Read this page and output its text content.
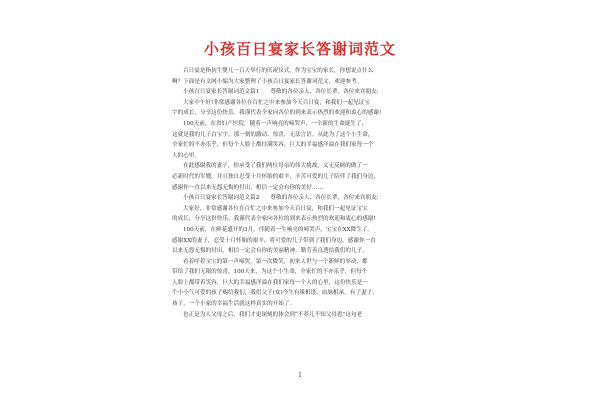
小孩百日宴家长答谢词范文

百日宴是指初生婴儿一百天举行的庆祝仪式，作为宝宝的家长，你想说点什么

啊？下面是有文网小编为大家整理了小孩百日宴家长答谢词范文，欢迎参考。

小孩百日宴家长答谢词范文篇1　　尊敬的各位亲人、各位长辈、各位来宾朋友:

大家中午好!非常感谢各位在百忙之中来参加今天百日宴，和我们一起见证宝

宇的成长，分享这份快乐。我谨代表全家向各位的到来表示热烈的欢迎和衷心的感谢!

100天前，在省妇产医院，随着一声响亮的啼哭声，一个新的生命诞生了，

这就是我的儿子白宝宇，那一刻的激动、惊喜，无法言语。从此为了这个小生命，

全家忙的不亦乐乎，但每个人脸上都挂满笑容，巨大的幸福感洋溢在我们家每一个

人的心里。

在此感谢我的妻子，你承受了我们两位母亲的伟大挑战，义无反顾的做了一

必新时代的军嫂，并且独自忍受十月怀胎的艰辛，辛苦可爱的儿子陪伴了我们身边，

感谢你一直以来无怨无悔的付出，相信一定会有你的美好……

小孩百日宴家长答谢词范文篇2　　尊敬的各位亲人、各位长辈、各位来宾朋友:

大家好，非常感谢各位在百忙之中来参加今天百日宴，和我们一起见证宝宝

的成长，分享这份快乐。我谨代表全家向各位的到来表示热烈的欢迎和衷心的感谢!

100天前，在鲜花盛开的3月，伴随着一生响亮的啼哭声，宝宝在XX降生了。

感谢XX的妻子，忍受十月怀胎的艰辛，将可爱的儿子带到了我们身边，感谢你一直

以来无怨无悔的付出，相信一定会有你的美丽精神、勤劳善良透给我们的儿子。

看着呼着宝宝的第一声啼哭，第一次微笑，初来人世与一个新鲜的举动，都

带给了我们无限的惊喜，100天来，为这个小生命，全家忙的不亦乐乎，但每个

人脸上都带着笑容，巨大的幸福感洋溢在我们家每一个人的心里，这份快乐是一

个小小气可爱的孩子赐给我们，我们父子(女)今生有缘相逢、血脉相承，有了妻子、

孩子，一个小家的幸福生活就这样真实的开始了。

也正是为人父母之后，我们才更深刻的体会到“不养儿不知父母恩”这句老

1
